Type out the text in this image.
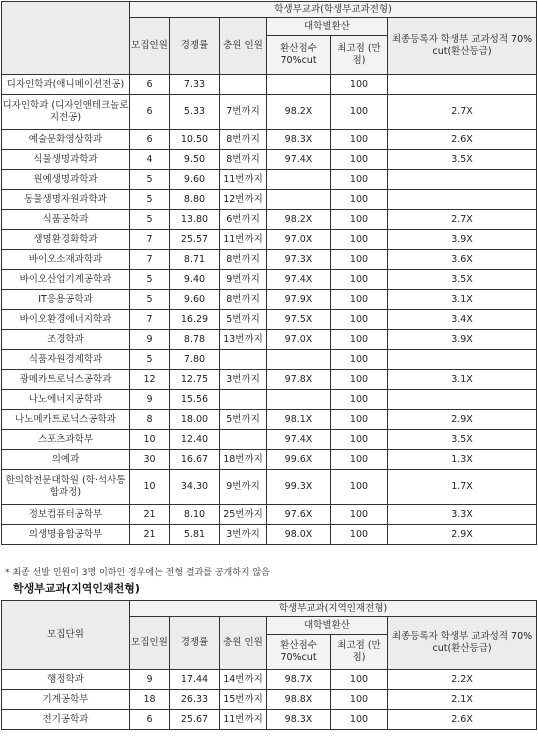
	학생부교과(학생부교과전형)					
	모집인원	경쟁률	충원 인원	대학별환산		최종등록자 학생부 교과성적 70% cut(환산등급)
				환산점수 70%cut	최고점 (만점)	
디자인학과(애니메이션전공)	6	7.33			100	
디자인학과 (디자인앤테크놀로지전공)	6	5.33	7번까지	98.2X	100	2.7X
예술문화영상학과	6	10.50	8번까지	98.3X	100	2.6X
식물생명과학과	4	9.50	8번까지	97.4X	100	3.5X
원예생명과학과	5	9.60	11번까지		100	
동물생명자원과학과	5	8.80	12번까지		100	
식품공학과	5	13.80	6번까지	98.2X	100	2.7X
생명환경화학과	7	25.57	11번까지	97.0X	100	3.9X
바이오소재과학과	7	8.71	8번까지	97.3X	100	3.6X
바이오산업기계공학과	5	9.40	9번까지	97.4X	100	3.5X
IT응용공학과	5	9.60	8번까지	97.9X	100	3.1X
바이오환경에너지학과	7	16.29	5번까지	97.5X	100	3.4X
조경학과	9	8.78	13번까지	97.0X	100	3.9X
식품자원경제학과	5	7.80			100	
광메카트로닉스공학과	12	12.75	3번까지	97.8X	100	3.1X
나노에너지공학과	9	15.56			100	
나노메카트로닉스공학과	8	18.00	5번까지	98.1X	100	2.9X
스포츠과학부	10	12.40		97.4X	100	3.5X
의예과	30	16.67	18번까지	99.6X	100	1.3X
한의학전문대학원 (학·석사통합과정)	10	34.30	9번까지	99.3X	100	1.7X
정보컴퓨터공학부	21	8.10	25번까지	97.6X	100	3.3X
의생명융합공학부	21	5.81	3번까지	98.0X	100	2.9X
* 최종 선발 인원이 3명 이하인 경우에는 전형 결과를 공개하지 않음
학생부교과(지역인재전형)
모집단위	학생부교과(지역인재전형)					
	모집인원	경쟁률	충원 인원	대학별환산		최종등록자 학생부 교과성적 70% cut(환산등급)
				환산점수 70%cut	최고점 (만점)	
행정학과	9	17.44	14번까지	98.7X	100	2.2X
기계공학부	18	26.33	15번까지	98.8X	100	2.1X
전기공학과	6	25.67	11번까지	98.3X	100	2.6X
